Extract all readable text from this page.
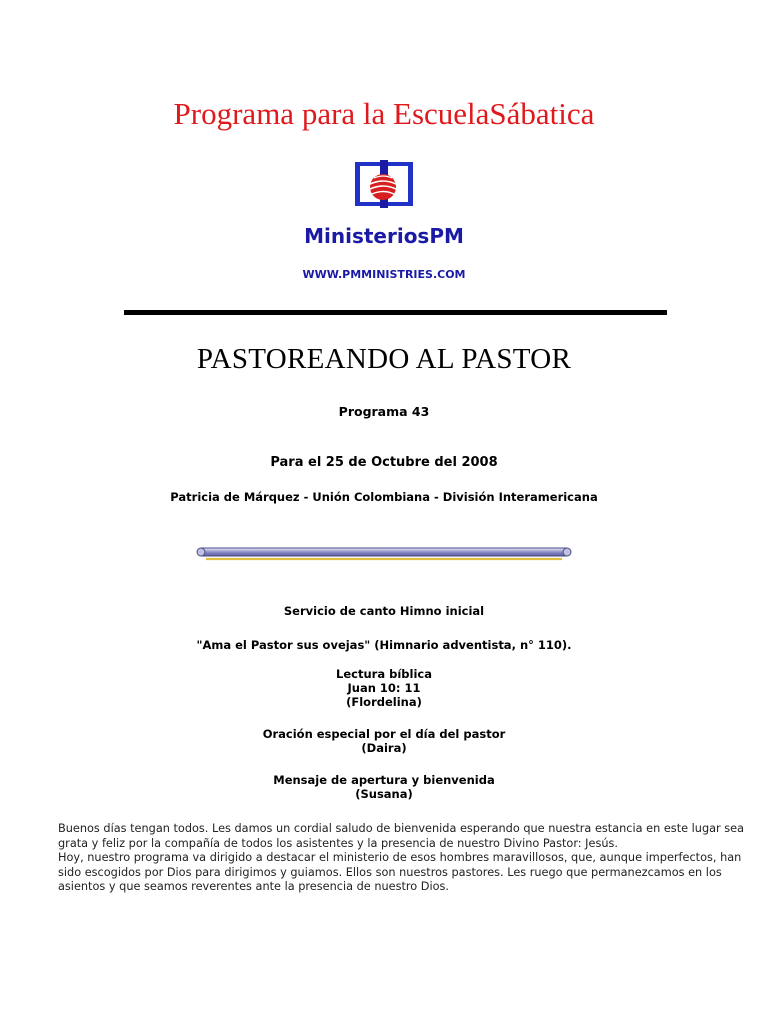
Programa para la EscuelaSábatica
MinisteriosPM
WWW.PMMINISTRIES.COM
PASTOREANDO AL PASTOR
Programa 43
Para el 25 de Octubre del 2008
Patricia de Márquez - Unión Colombiana - División Interamericana
Servicio de canto Himno inicial
"Ama el Pastor sus ovejas" (Himnario adventista, n° 110).
Lectura bíblica
Juan 10: 11
(Flordelina)
Oración especial por el día del pastor
(Daira)
Mensaje de apertura y bienvenida
(Susana)
Buenos días tengan todos. Les damos un cordial saludo de bienvenida esperando que nuestra estancia en este lugar sea
grata y feliz por la compañía de todos los asistentes y la presencia de nuestro Divino Pastor: Jesús.
Hoy, nuestro programa va dirigido a destacar el ministerio de esos hombres maravillosos, que, aunque imperfectos, han
sido escogidos por Dios para dirigimos y guiamos. Ellos son nuestros pastores. Les ruego que permanezcamos en los
asientos y que seamos reverentes ante la presencia de nuestro Dios.
